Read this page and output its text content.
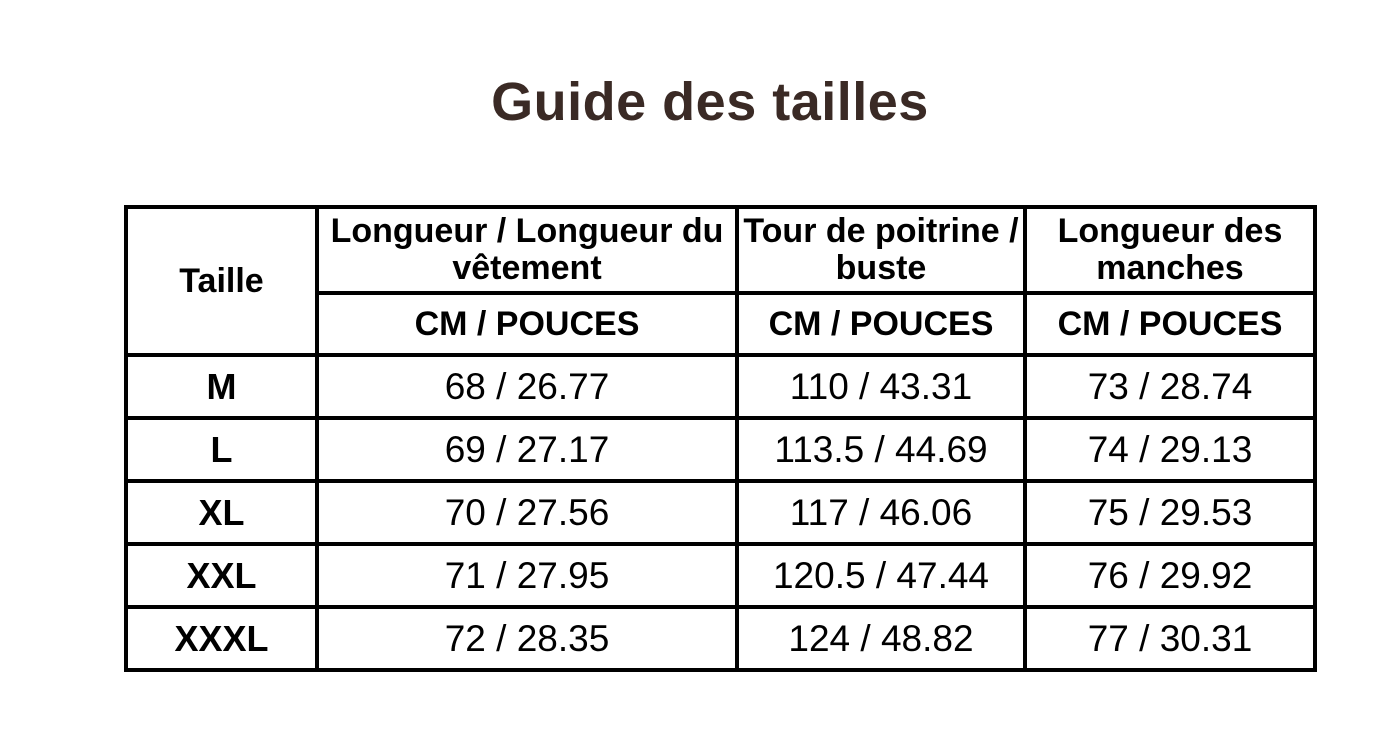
Guide des tailles
Taille	Longueur / Longueur du vêtement	Tour de poitrine / buste	Longueur des manches
	CM / POUCES	CM / POUCES	CM / POUCES
M	68 / 26.77	110 / 43.31	73 / 28.74
L	69 / 27.17	113.5 / 44.69	74 / 29.13
XL	70 / 27.56	117 / 46.06	75 / 29.53
XXL	71 / 27.95	120.5 / 47.44	76 / 29.92
XXXL	72 / 28.35	124 / 48.82	77 / 30.31
